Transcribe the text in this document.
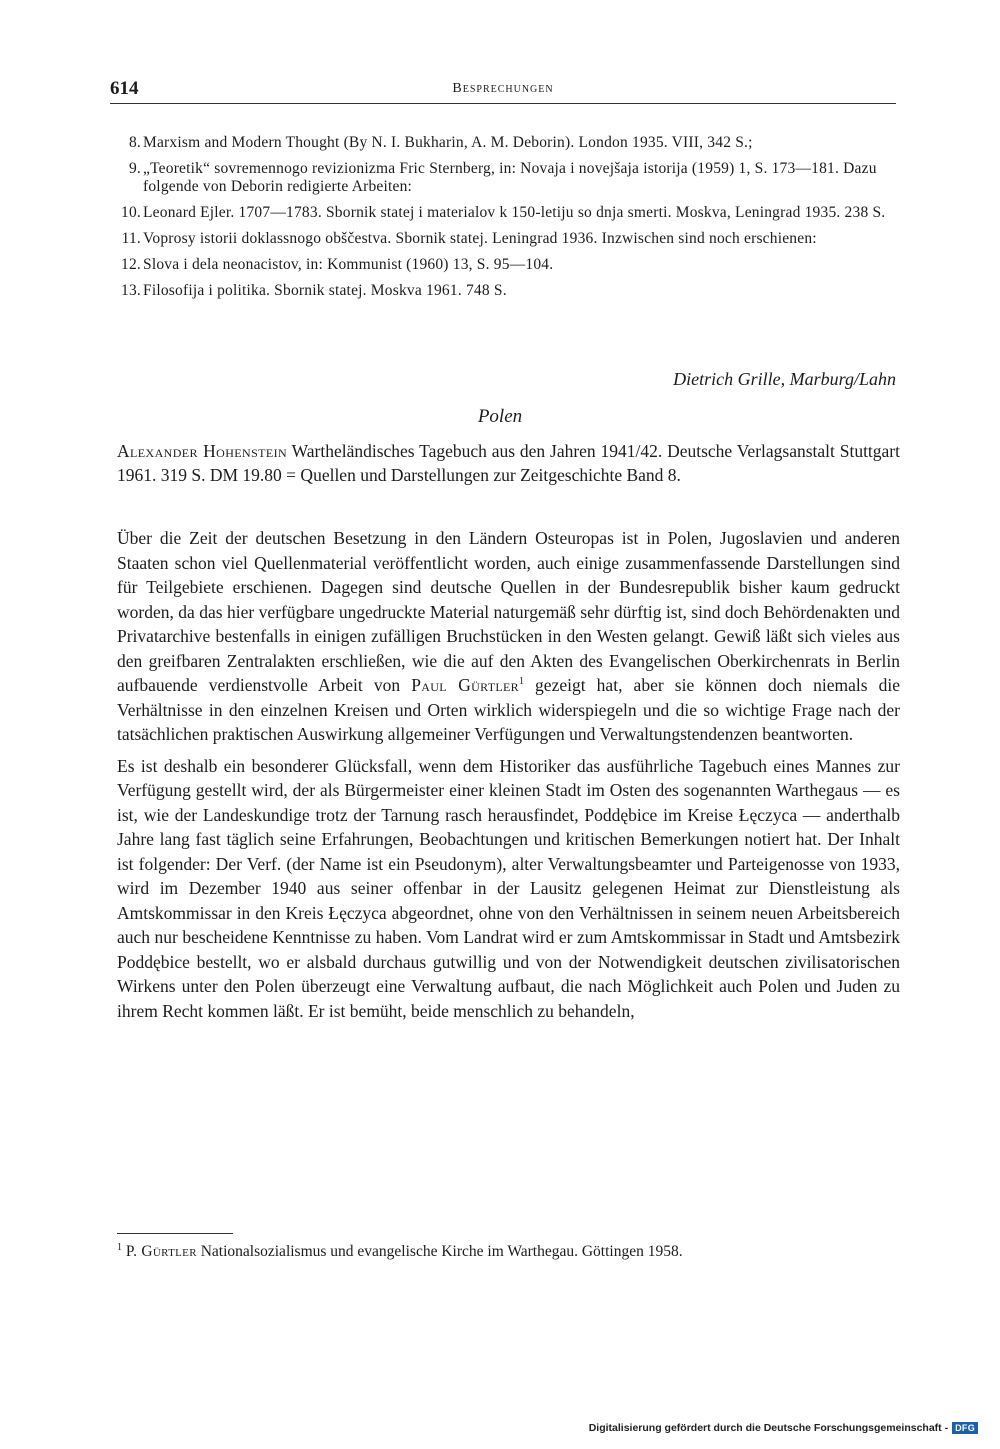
614	Besprechungen
8. Marxism and Modern Thought (By N. I. Bukharin, A. M. Deborin). London 1935. VIII, 342 S.;
9. „Teoretik“ sovremennogo revizionizma Fric Sternberg, in: Novaja i novejšaja istorija (1959) 1, S. 173—181. Dazu folgende von Deborin redigierte Arbeiten:
10. Leonard Ejler. 1707—1783. Sbornik statej i materialov k 150-letiju so dnja smerti. Moskva, Leningrad 1935. 238 S.
11. Voprosy istorii doklassnogo obščestva. Sbornik statej. Leningrad 1936. Inzwischen sind noch erschienen:
12. Slova i dela neonacistov, in: Kommunist (1960) 13, S. 95—104.
13. Filosofija i politika. Sbornik statej. Moskva 1961. 748 S.
Dietrich Grille, Marburg/Lahn
Polen
Alexander Hohenstein Wartheländisches Tagebuch aus den Jahren 1941/42. Deutsche Verlagsanstalt Stuttgart 1961. 319 S. DM 19.80 = Quellen und Darstellungen zur Zeitgeschichte Band 8.

Über die Zeit der deutschen Besetzung in den Ländern Osteuropas ist in Polen, Jugoslavien und anderen Staaten schon viel Quellenmaterial veröffentlicht worden, auch einige zusammenfassende Darstellungen sind für Teilgebiete erschienen. Dagegen sind deutsche Quellen in der Bundesrepublik bisher kaum gedruckt worden, da das hier verfügbare ungedruckte Material naturgemäß sehr dürftig ist, sind doch Behördenakten und Privatarchive bestenfalls in einigen zufälligen Bruchstücken in den Westen gelangt. Gewiß läßt sich vieles aus den greifbaren Zentralakten erschließen, wie die auf den Akten des Evangelischen Oberkirchenrats in Berlin aufbauende verdienstvolle Arbeit von Paul Gürtler$^1$ gezeigt hat, aber sie können doch niemals die Verhältnisse in den einzelnen Kreisen und Orten wirklich widerspiegeln und die so wichtige Frage nach der tatsächlichen praktischen Auswirkung allgemeiner Verfügungen und Verwaltungstendenzen beantworten.

Es ist deshalb ein besonderer Glücksfall, wenn dem Historiker das ausführliche Tagebuch eines Mannes zur Verfügung gestellt wird, der als Bürgermeister einer kleinen Stadt im Osten des sogenannten Warthegaus — es ist, wie der Landeskundige trotz der Tarnung rasch herausfindet, Poddębice im Kreise Łęczyca — anderthalb Jahre lang fast täglich seine Erfahrungen, Beobachtungen und kritischen Bemerkungen notiert hat. Der Inhalt ist folgender: Der Verf. (der Name ist ein Pseudonym), alter Verwaltungsbeamter und Parteigenosse von 1933, wird im Dezember 1940 aus seiner offenbar in der Lausitz gelegenen Heimat zur Dienstleistung als Amtskommissar in den Kreis Łęczyca abgeordnet, ohne von den Verhältnissen in seinem neuen Arbeitsbereich auch nur bescheidene Kenntnisse zu haben. Vom Landrat wird er zum Amtskommissar in Stadt und Amtsbezirk Poddębice bestellt, wo er alsbald durchaus gutwillig und von der Notwendigkeit deutschen zivilisatorischen Wirkens unter den Polen überzeugt eine Verwaltung aufbaut, die nach Möglichkeit auch Polen und Juden zu ihrem Recht kommen läßt. Er ist bemüht, beide menschlich zu behandeln,

$^1$ P. Gürtler Nationalsozialismus und evangelische Kirche im Warthegau. Göttingen 1958.
Digitalisierung gefördert durch die Deutsche Forschungsgemeinschaft - DFG
